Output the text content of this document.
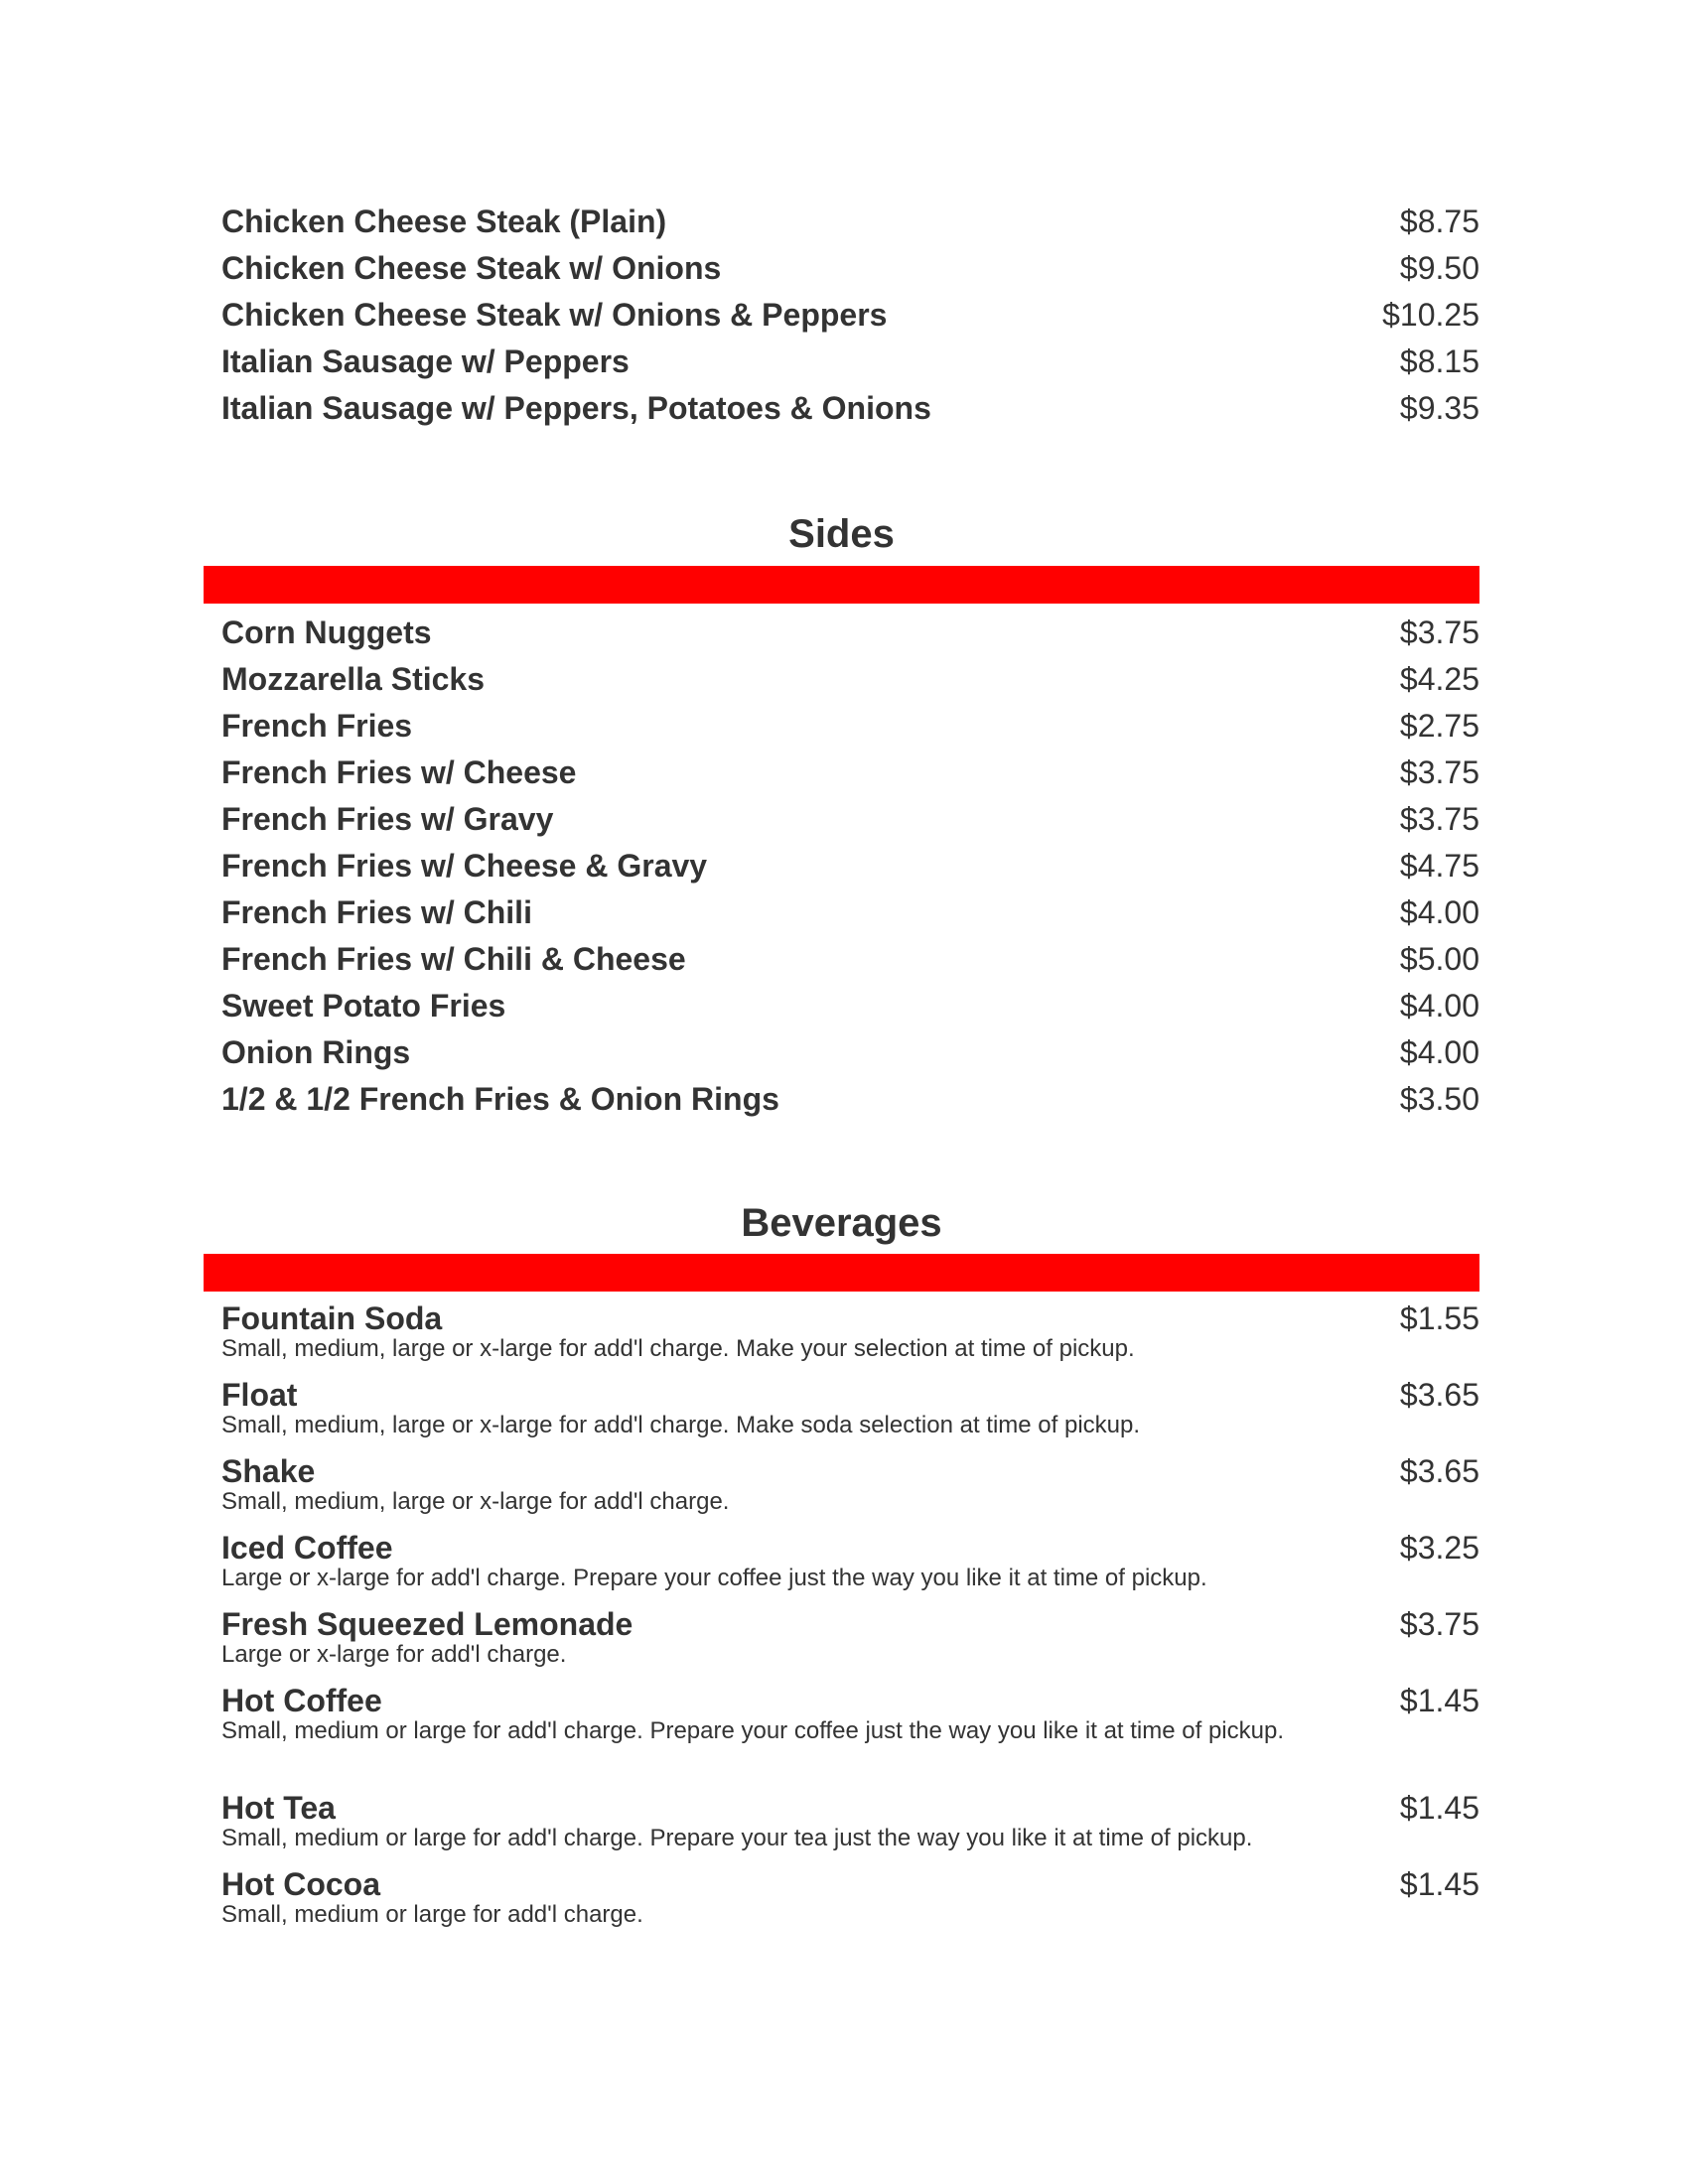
Chicken Cheese Steak (Plain)	$8.75
Chicken Cheese Steak w/ Onions	$9.50
Chicken Cheese Steak w/ Onions & Peppers	$10.25
Italian Sausage w/ Peppers	$8.15
Italian Sausage w/ Peppers, Potatoes & Onions	$9.35
Sides
Corn Nuggets	$3.75
Mozzarella Sticks	$4.25
French Fries	$2.75
French Fries w/ Cheese	$3.75
French Fries w/ Gravy	$3.75
French Fries w/ Cheese & Gravy	$4.75
French Fries w/ Chili	$4.00
French Fries w/ Chili & Cheese	$5.00
Sweet Potato Fries	$4.00
Onion Rings	$4.00
1/2 & 1/2 French Fries & Onion Rings	$3.50
Beverages
Fountain Soda	$1.55
Small, medium, large or x-large for add'l charge. Make your selection at time of pickup.
Float	$3.65
Small, medium, large or x-large for add'l charge. Make soda selection at time of pickup.
Shake	$3.65
Small, medium, large or x-large for add'l charge.
Iced Coffee	$3.25
Large or x-large for add'l charge. Prepare your coffee just the way you like it at time of pickup.
Fresh Squeezed Lemonade	$3.75
Large or x-large for add'l charge.
Hot Coffee	$1.45
Small, medium or large for add'l charge. Prepare your coffee just the way you like it at time of pickup.
Hot Tea	$1.45
Small, medium or large for add'l charge. Prepare your tea just the way you like it at time of pickup.
Hot Cocoa	$1.45
Small, medium or large for add'l charge.
